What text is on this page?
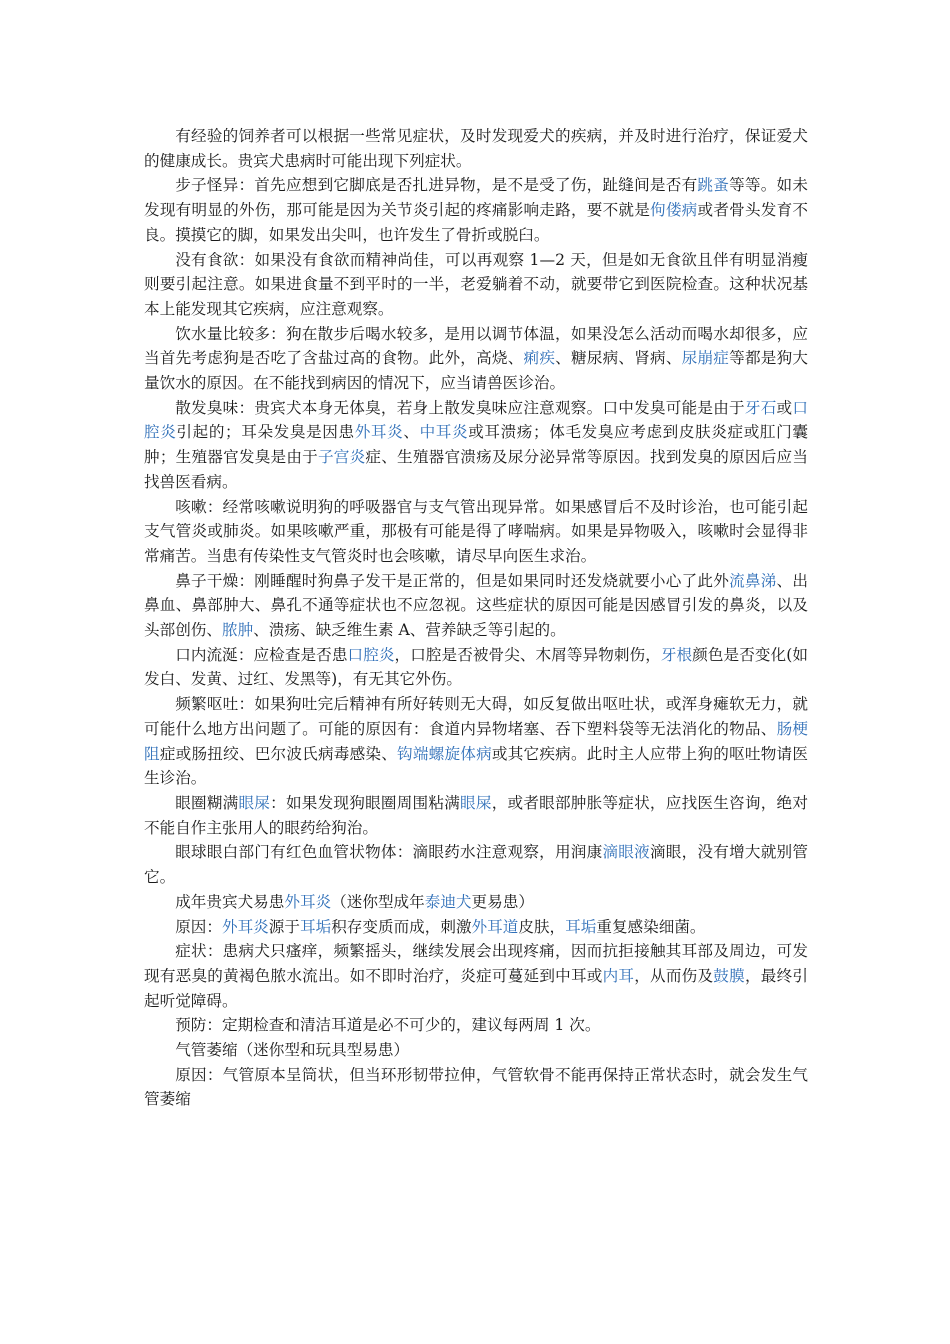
有经验的饲养者可以根据一些常见症状，及时发现爱犬的疾病，并及时进行治疗，保证爱犬的健康成长。贵宾犬患病时可能出现下列症状。

步子怪异：首先应想到它脚底是否扎进异物，是不是受了伤，趾缝间是否有跳蚤等等。如未发现有明显的外伤，那可能是因为关节炎引起的疼痛影响走路，要不就是佝偻病或者骨头发育不良。摸摸它的脚，如果发出尖叫，也许发生了骨折或脱臼。

没有食欲：如果没有食欲而精神尚佳，可以再观察 1—2 天，但是如无食欲且伴有明显消瘦则要引起注意。如果进食量不到平时的一半，老爱躺着不动，就要带它到医院检查。这种状况基本上能发现其它疾病，应注意观察。

饮水量比较多：狗在散步后喝水较多，是用以调节体温，如果没怎么活动而喝水却很多，应当首先考虑狗是否吃了含盐过高的食物。此外，高烧、痢疾、糖尿病、肾病、尿崩症等都是狗大量饮水的原因。在不能找到病因的情况下，应当请兽医诊治。

散发臭味：贵宾犬本身无体臭，若身上散发臭味应注意观察。口中发臭可能是由于牙石或口腔炎引起的；耳朵发臭是因患外耳炎、中耳炎或耳溃疡；体毛发臭应考虑到皮肤炎症或肛门囊肿；生殖器官发臭是由于子宫炎症、生殖器官溃疡及尿分泌异常等原因。找到发臭的原因后应当找兽医看病。

咳嗽：经常咳嗽说明狗的呼吸器官与支气管出现异常。如果感冒后不及时诊治，也可能引起支气管炎或肺炎。如果咳嗽严重，那极有可能是得了哮喘病。如果是异物吸入，咳嗽时会显得非常痛苦。当患有传染性支气管炎时也会咳嗽，请尽早向医生求治。

鼻子干燥：刚睡醒时狗鼻子发干是正常的，但是如果同时还发烧就要小心了此外流鼻涕、出鼻血、鼻部肿大、鼻孔不通等症状也不应忽视。这些症状的原因可能是因感冒引发的鼻炎，以及头部创伤、脓肿、溃疡、缺乏维生素 A、营养缺乏等引起的。

口内流涎：应检查是否患口腔炎，口腔是否被骨尖、木屑等异物刺伤，牙根颜色是否变化(如发白、发黄、过红、发黑等)，有无其它外伤。

频繁呕吐：如果狗吐完后精神有所好转则无大碍，如反复做出呕吐状，或浑身瘫软无力，就可能什么地方出问题了。可能的原因有：食道内异物堵塞、吞下塑料袋等无法消化的物品、肠梗阻症或肠扭绞、巴尔波氏病毒感染、钩端螺旋体病或其它疾病。此时主人应带上狗的呕吐物请医生诊治。

眼圈糊满眼屎：如果发现狗眼圈周围粘满眼屎，或者眼部肿胀等症状，应找医生咨询，绝对不能自作主张用人的眼药给狗治。

眼球眼白部门有红色血管状物体：滴眼药水注意观察，用润康滴眼液滴眼，没有增大就别管它。

成年贵宾犬易患外耳炎（迷你型成年泰迪犬更易患）

原因：外耳炎源于耳垢积存变质而成，刺激外耳道皮肤，耳垢重复感染细菌。

症状：患病犬只瘙痒，频繁摇头，继续发展会出现疼痛，因而抗拒接触其耳部及周边，可发现有恶臭的黄褐色脓水流出。如不即时治疗，炎症可蔓延到中耳或内耳，从而伤及鼓膜，最终引起听觉障碍。

预防：定期检查和清洁耳道是必不可少的，建议每两周 1 次。

气管萎缩（迷你型和玩具型易患）

原因：气管原本呈筒状，但当环形韧带拉伸，气管软骨不能再保持正常状态时，就会发生气管萎缩
